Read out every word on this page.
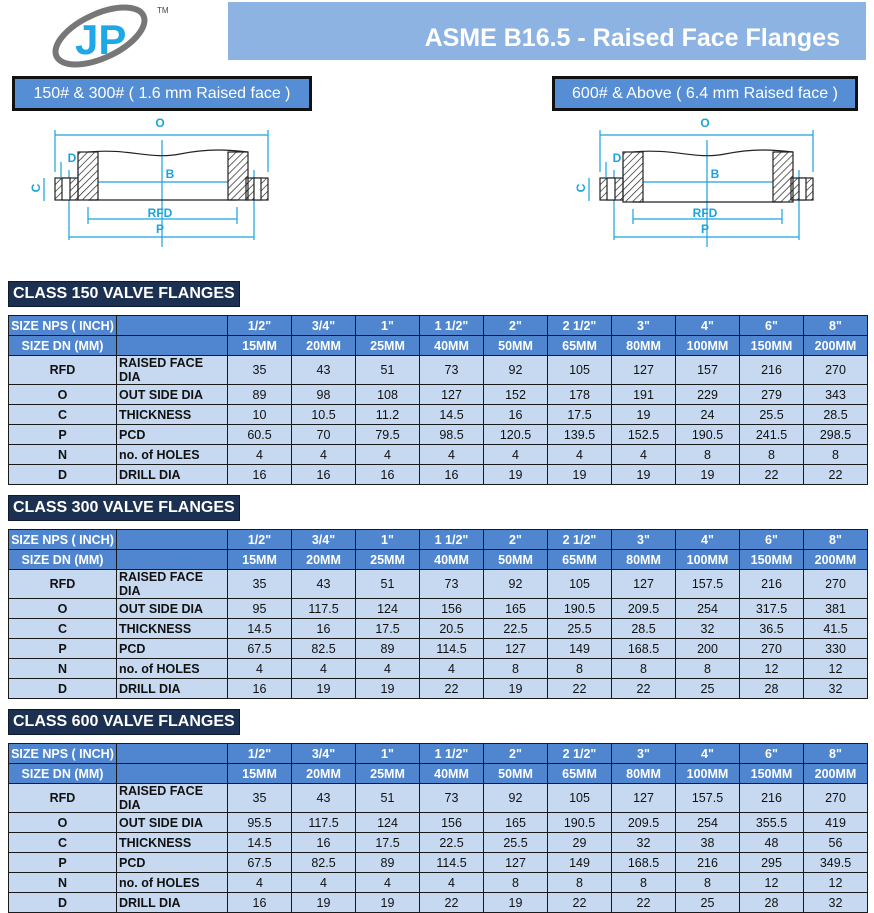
JP
TM
ASME B16.5 - Raised Face Flanges
150# & 300# ( 1.6 mm Raised face )	600# & Above ( 6.4 mm Raised face )
O
D
B
C
RFD
P
O
D
B
C
RFD
P
CLASS 150 VALVE FLANGES
SIZE NPS ( INCH)		1/2"	3/4"	1"	1 1/2"	2"	2 1/2"	3"	4"	6"	8"
SIZE DN (MM)		15MM	20MM	25MM	40MM	50MM	65MM	80MM	100MM	150MM	200MM
RFD	RAISED FACE DIA	35	43	51	73	92	105	127	157	216	270
O	OUT SIDE DIA	89	98	108	127	152	178	191	229	279	343
C	THICKNESS	10	10.5	11.2	14.5	16	17.5	19	24	25.5	28.5
P	PCD	60.5	70	79.5	98.5	120.5	139.5	152.5	190.5	241.5	298.5
N	no. of HOLES	4	4	4	4	4	4	4	8	8	8
D	DRILL DIA	16	16	16	16	19	19	19	19	22	22
CLASS 300 VALVE FLANGES
SIZE NPS ( INCH)		1/2"	3/4"	1"	1 1/2"	2"	2 1/2"	3"	4"	6"	8"
SIZE DN (MM)		15MM	20MM	25MM	40MM	50MM	65MM	80MM	100MM	150MM	200MM
RFD	RAISED FACE DIA	35	43	51	73	92	105	127	157.5	216	270
O	OUT SIDE DIA	95	117.5	124	156	165	190.5	209.5	254	317.5	381
C	THICKNESS	14.5	16	17.5	20.5	22.5	25.5	28.5	32	36.5	41.5
P	PCD	67.5	82.5	89	114.5	127	149	168.5	200	270	330
N	no. of HOLES	4	4	4	4	8	8	8	8	12	12
D	DRILL DIA	16	19	19	22	19	22	22	25	28	32
CLASS 600 VALVE FLANGES
SIZE NPS ( INCH)		1/2"	3/4"	1"	1 1/2"	2"	2 1/2"	3"	4"	6"	8"
SIZE DN (MM)		15MM	20MM	25MM	40MM	50MM	65MM	80MM	100MM	150MM	200MM
RFD	RAISED FACE DIA	35	43	51	73	92	105	127	157.5	216	270
O	OUT SIDE DIA	95.5	117.5	124	156	165	190.5	209.5	254	355.5	419
C	THICKNESS	14.5	16	17.5	22.5	25.5	29	32	38	48	56
P	PCD	67.5	82.5	89	114.5	127	149	168.5	216	295	349.5
N	no. of HOLES	4	4	4	4	8	8	8	8	12	12
D	DRILL DIA	16	19	19	22	19	22	22	25	28	32
